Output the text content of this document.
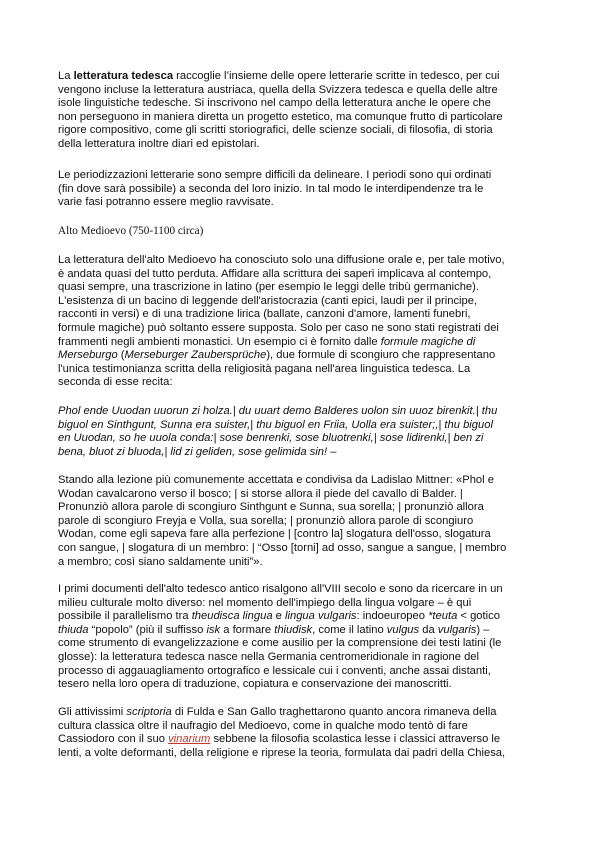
La letteratura tedesca raccoglie l’insieme delle opere letterarie scritte in tedesco, per cui
vengono incluse la letteratura austriaca, quella della Svizzera tedesca e quella delle altre
isole linguistiche tedesche. Si inscrivono nel campo della letteratura anche le opere che
non perseguono in maniera diretta un progetto estetico, ma comunque frutto di particolare
rigore compositivo, come gli scritti storiografici, delle scienze sociali, di filosofia, di storia
della letteratura inoltre diari ed epistolari.
Le periodizzazioni letterarie sono sempre difficili da delineare. I periodi sono qui ordinati
(fin dove sarà possibile) a seconda del loro inizio. In tal modo le interdipendenze tra le
varie fasi potranno essere meglio ravvisate.
Alto Medioevo (750-1100 circa)
La letteratura dell'alto Medioevo ha conosciuto solo una diffusione orale e, per tale motivo,
è andata quasi del tutto perduta. Affidare alla scrittura dei saperi implicava al contempo,
quasi sempre, una trascrizione in latino (per esempio le leggi delle tribù germaniche).
L'esistenza di un bacino di leggende dell'aristocrazia (canti epici, laudi per il principe,
racconti in versi) e di una tradizione lirica (ballate, canzoni d'amore, lamenti funebri,
formule magiche) può soltanto essere supposta. Solo per caso ne sono stati registrati dei
frammenti negli ambienti monastici. Un esempio ci è fornito dalle formule magiche di
Merseburgo (Merseburger Zaubersprüche), due formule di scongiuro che rappresentano
l'unica testimonianza scritta della religiosità pagana nell'area linguistica tedesca. La
seconda di esse recita:
Phol ende Uuodan uuorun zi holza.| du uuart demo Balderes uolon sin uuoz birenkit.| thu
biguol en Sinthgunt, Sunna era suister,| thu biguol en Friia, Uolla era suister;,| thu biguol
en Uuodan, so he uuola conda:| sose benrenki, sose bluotrenki,| sose lidirenki,| ben zi
bena, bluot zi bluoda,| lid zi geliden, sose gelimida sin! –
Stando alla lezione più comunemente accettata e condivisa da Ladislao Mittner: «Phol e
Wodan cavalcarono verso il bosco; | si storse allora il piede del cavallo di Balder. |
Pronunziò allora parole di scongiuro Sinthgunt e Sunna, sua sorella; | pronunziò allora
parole di scongiuro Freyja e Volla, sua sorella; | pronunziò allora parole di scongiuro
Wodan, come egli sapeva fare alla perfezione | [contro la] slogatura dell'osso, slogatura
con sangue, | slogatura di un membro: | “Osso [torni] ad osso, sangue a sangue, | membro
a membro; così siano saldamente uniti”».
I primi documenti dell'alto tedesco antico risalgono all'VIII secolo e sono da ricercare in un
milieu culturale molto diverso: nel momento dell'impiego della lingua volgare – è qui
possibile il parallelismo tra theudisca lingua e lingua vulgaris: indoeuropeo *teuta < gotico
thiuda “popolo” (più il suffisso isk a formare thiudisk, come il latino vulgus da vulgaris) –
come strumento di evangelizzazione e come ausilio per la comprensione dei testi latini (le
glosse): la letteratura tedesca nasce nella Germania centromeridionale in ragione del
processo di aggauagliamento ortografico e lessicale cui i conventi, anche assai distanti,
tesero nella loro opera di traduzione, copiatura e conservazione dei manoscritti.
Gli attivissimi scriptoria di Fulda e San Gallo traghettarono quanto ancora rimaneva della
cultura classica oltre il naufragio del Medioevo, come in qualche modo tentò di fare
Cassiodoro con il suo vinarium sebbene la filosofia scolastica lesse i classici attraverso le
lenti, a volte deformanti, della religione e riprese la teoria, formulata dai padri della Chiesa,
